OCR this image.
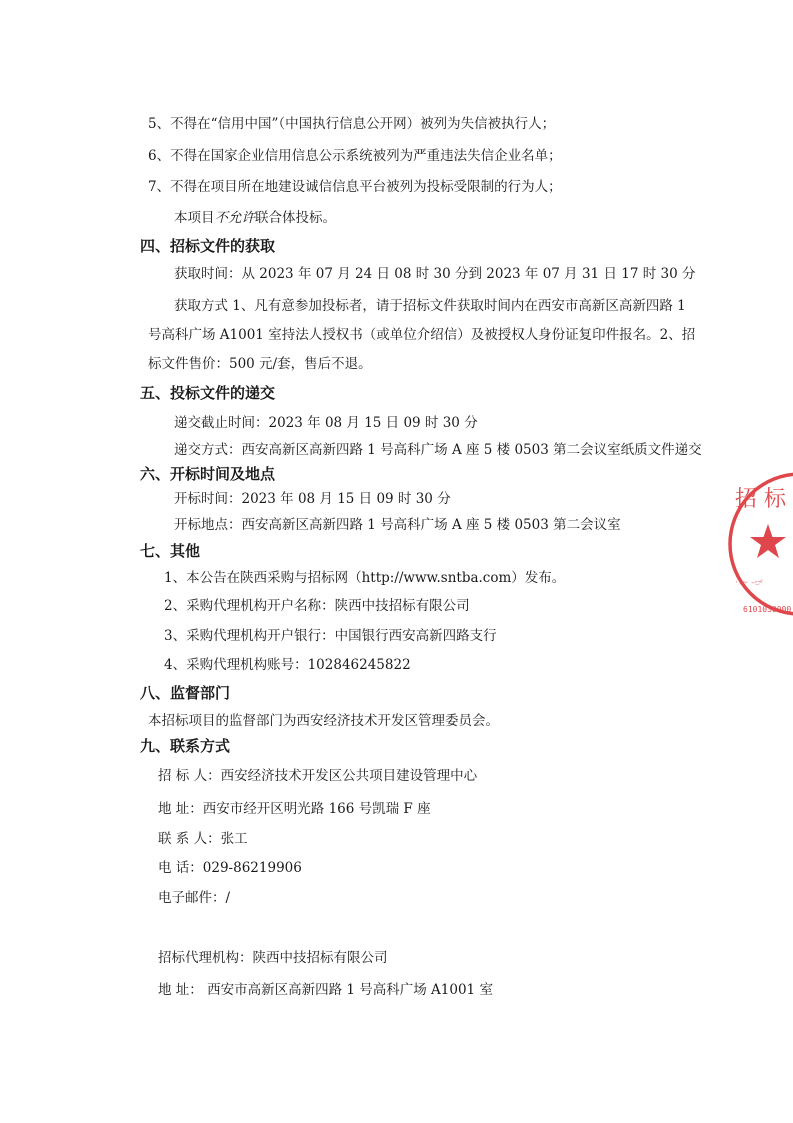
5、不得在“信用中国”（中国执行信息公开网）被列为失信被执行人；
6、不得在国家企业信用信息公示系统被列为严重违法失信企业名单；
7、不得在项目所在地建设诚信信息平台被列为投标受限制的行为人；
本项目不允许联合体投标。
四、招标文件的获取
获取时间：从 2023 年 07 月 24 日 08 时 30 分到 2023 年 07 月 31 日 17 时 30 分
获取方式 1、凡有意参加投标者，请于招标文件获取时间内在西安市高新区高新四路 1
号高科广场 A1001 室持法人授权书（或单位介绍信）及被授权人身份证复印件报名。2、招
标文件售价：500 元/套，售后不退。
五、投标文件的递交
递交截止时间：2023 年 08 月 15 日 09 时 30 分
递交方式：西安高新区高新四路 1 号高科广场 A 座 5 楼 0503 第二会议室纸质文件递交
六、开标时间及地点
开标时间：2023 年 08 月 15 日 09 时 30 分
开标地点：西安高新区高新四路 1 号高科广场 A 座 5 楼 0503 第二会议室
七、其他
1、本公告在陕西采购与招标网（http://www.sntba.com）发布。
2、采购代理机构开户名称：陕西中技招标有限公司
3、采购代理机构开户银行：中国银行西安高新四路支行
4、采购代理机构账号：102846245822
八、监督部门
本招标项目的监督部门为西安经济技术开发区管理委员会。
九、联系方式
招 标 人：西安经济技术开发区公共项目建设管理中心
地 址：西安市经开区明光路 166 号凯瑞 F 座
联 系 人：张工
电 话：029-86219906
电子邮件：/
招标代理机构：陕西中技招标有限公司
地 址： 西安市高新区高新四路 1 号高科广场 A1001 室
招 标
· ~ -ಲ್
6101030000
